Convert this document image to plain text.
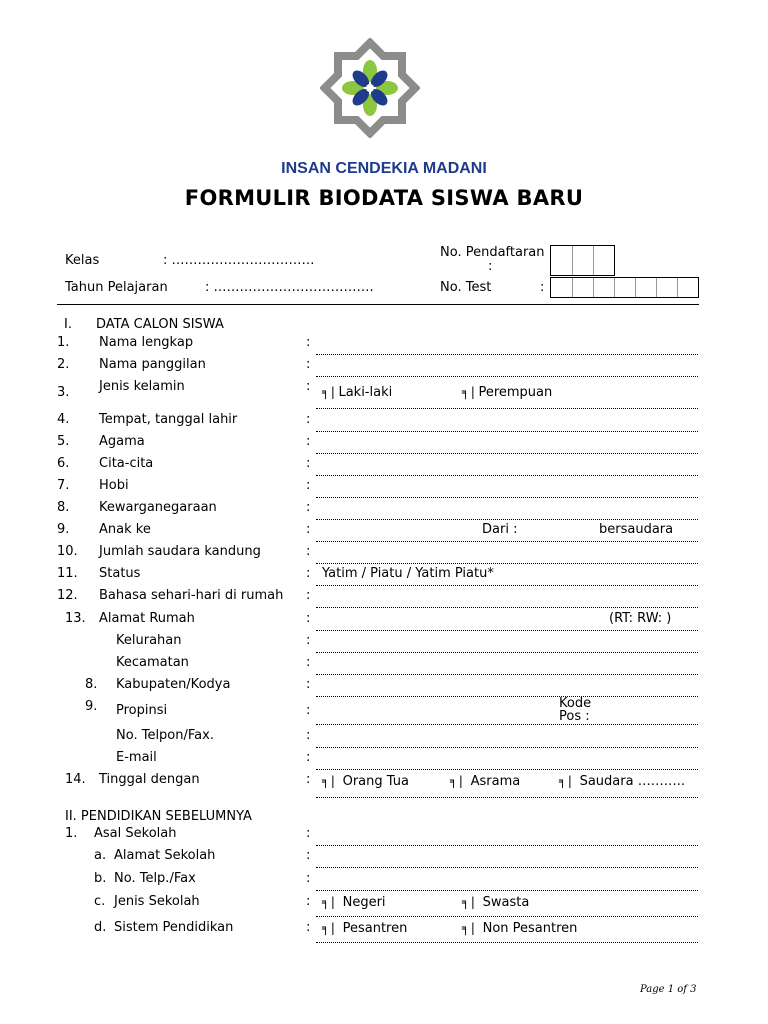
INSAN CENDEKIA MADANI
FORMULIR BIODATA SISWA BARU
Kelas	: ……………………………
Tahun Pelajaran	: ……………………………….
No. Pendaftaran
:
No. Test	:
I. DATA CALON SISWA
1. Nama lengkap	:
2. Nama panggilan	:
3. Jenis kelamin	: ╕| Laki-laki	╕| Perempuan
4. Tempat, tanggal lahir	:
5. Agama	:
6. Cita-cita	:
7. Hobi	:
8. Kewarganegaraan	:
9. Anak ke	:	Dari :	bersaudara
10. Jumlah saudara kandung	:
11. Status	: Yatim / Piatu / Yatim Piatu*
12. Bahasa sehari-hari di rumah :
13. Alamat Rumah	:	(RT: RW: )
Kelurahan	:
Kecamatan	:
8. Kabupaten/Kodya	:
9. Propinsi	:	Kode
Pos :
No. Telpon/Fax.	:
E-mail	:
14. Tinggal dengan	: ╕| Orang Tua	╕| Asrama	╕| Saudara ………..
II. PENDIDIKAN SEBELUMNYA
1. Asal Sekolah	:
a. Alamat Sekolah	:
b. No. Telp./Fax	:
c. Jenis Sekolah	: ╕| Negeri	╕| Swasta
d. Sistem Pendidikan	: ╕| Pesantren	╕| Non Pesantren
Page 1 of 3
